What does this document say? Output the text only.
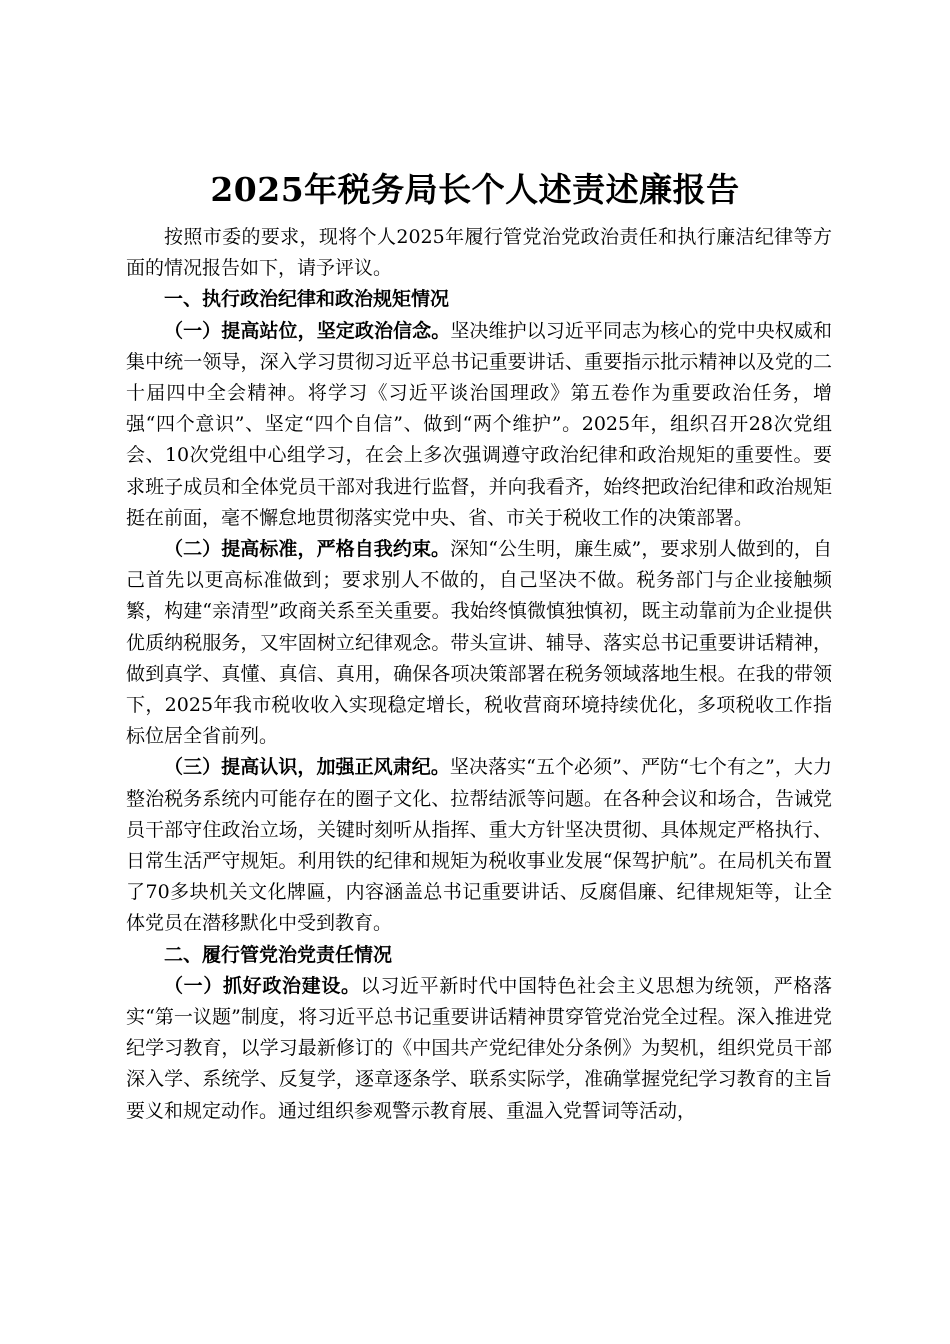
2025年税务局长个人述责述廉报告

按照市委的要求，现将个人2025年履行管党治党政治责任和执行廉洁纪律等方面的情况报告如下，请予评议。

一、执行政治纪律和政治规矩情况

（一）提高站位，坚定政治信念。坚决维护以习近平同志为核心的党中央权威和集中统一领导，深入学习贯彻习近平总书记重要讲话、重要指示批示精神以及党的二十届四中全会精神。将学习《习近平谈治国理政》第五卷作为重要政治任务，增强“四个意识”、坚定“四个自信”、做到“两个维护”。2025年，组织召开28次党组会、10次党组中心组学习，在会上多次强调遵守政治纪律和政治规矩的重要性。要求班子成员和全体党员干部对我进行监督，并向我看齐，始终把政治纪律和政治规矩挺在前面，毫不懈怠地贯彻落实党中央、省、市关于税收工作的决策部署。

（二）提高标准，严格自我约束。深知“公生明，廉生威”，要求别人做到的，自己首先以更高标准做到；要求别人不做的，自己坚决不做。税务部门与企业接触频繁，构建“亲清型”政商关系至关重要。我始终慎微慎独慎初，既主动靠前为企业提供优质纳税服务，又牢固树立纪律观念。带头宣讲、辅导、落实总书记重要讲话精神，做到真学、真懂、真信、真用，确保各项决策部署在税务领域落地生根。在我的带领下，2025年我市税收收入实现稳定增长，税收营商环境持续优化，多项税收工作指标位居全省前列。

（三）提高认识，加强正风肃纪。坚决落实“五个必须”、严防“七个有之”，大力整治税务系统内可能存在的圈子文化、拉帮结派等问题。在各种会议和场合，告诫党员干部守住政治立场，关键时刻听从指挥、重大方针坚决贯彻、具体规定严格执行、日常生活严守规矩。利用铁的纪律和规矩为税收事业发展“保驾护航”。在局机关布置了70多块机关文化牌匾，内容涵盖总书记重要讲话、反腐倡廉、纪律规矩等，让全体党员在潜移默化中受到教育。

二、履行管党治党责任情况

（一）抓好政治建设。以习近平新时代中国特色社会主义思想为统领，严格落实“第一议题”制度，将习近平总书记重要讲话精神贯穿管党治党全过程。深入推进党纪学习教育，以学习最新修订的《中国共产党纪律处分条例》为契机，组织党员干部深入学、系统学、反复学，逐章逐条学、联系实际学，准确掌握党纪学习教育的主旨要义和规定动作。通过组织参观警示教育展、重温入党誓词等活动，
